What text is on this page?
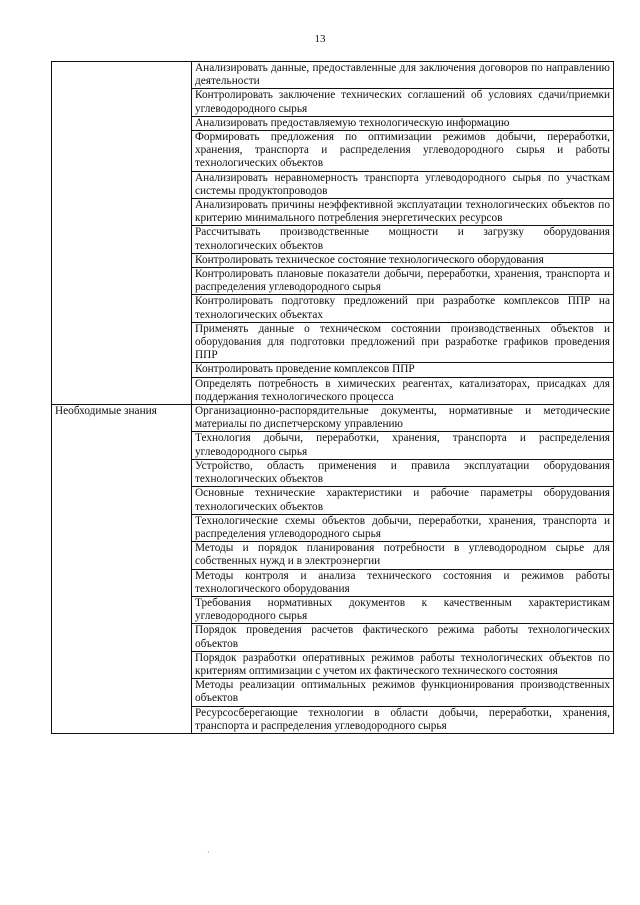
13
	Анализировать данные, предоставленные для заключения договоров по направлению деятельности
	Контролировать заключение технических соглашений об условиях сдачи/приемки углеводородного сырья
	Анализировать предоставляемую технологическую информацию
	Формировать предложения по оптимизации режимов добычи, переработки, хранения, транспорта и распределения углеводородного сырья и работы технологических объектов
	Анализировать неравномерность транспорта углеводородного сырья по участкам системы продуктопроводов
	Анализировать причины неэффективной эксплуатации технологических объектов по критерию минимального потребления энергетических ресурсов
	Рассчитывать производственные мощности и загрузку оборудования технологических объектов
	Контролировать техническое состояние технологического оборудования
	Контролировать плановые показатели добычи, переработки, хранения, транспорта и распределения углеводородного сырья
	Контролировать подготовку предложений при разработке комплексов ППР на технологических объектах
	Применять данные о техническом состоянии производственных объектов и оборудования для подготовки предложений при разработке графиков проведения ППР
	Контролировать проведение комплексов ППР
	Определять потребность в химических реагентах, катализаторах, присадках для поддержания технологического процесса
Необходимые знания	Организационно-распорядительные документы, нормативные и методические материалы по диспетчерскому управлению
	Технология добычи, переработки, хранения, транспорта и распределения углеводородного сырья
	Устройство, область применения и правила эксплуатации оборудования технологических объектов
	Основные технические характеристики и рабочие параметры оборудования технологических объектов
	Технологические схемы объектов добычи, переработки, хранения, транспорта и распределения углеводородного сырья
	Методы и порядок планирования потребности в углеводородном сырье для собственных нужд и в электроэнергии
	Методы контроля и анализа технического состояния и режимов работы технологического оборудования
	Требования нормативных документов к качественным характеристикам углеводородного сырья
	Порядок проведения расчетов фактического режима работы технологических объектов
	Порядок разработки оперативных режимов работы технологических объектов по критериям оптимизации с учетом их фактического технического состояния
	Методы реализации оптимальных режимов функционирования производственных объектов
	Ресурсосберегающие технологии в области добычи, переработки, хранения, транспорта и распределения углеводородного сырья
·
